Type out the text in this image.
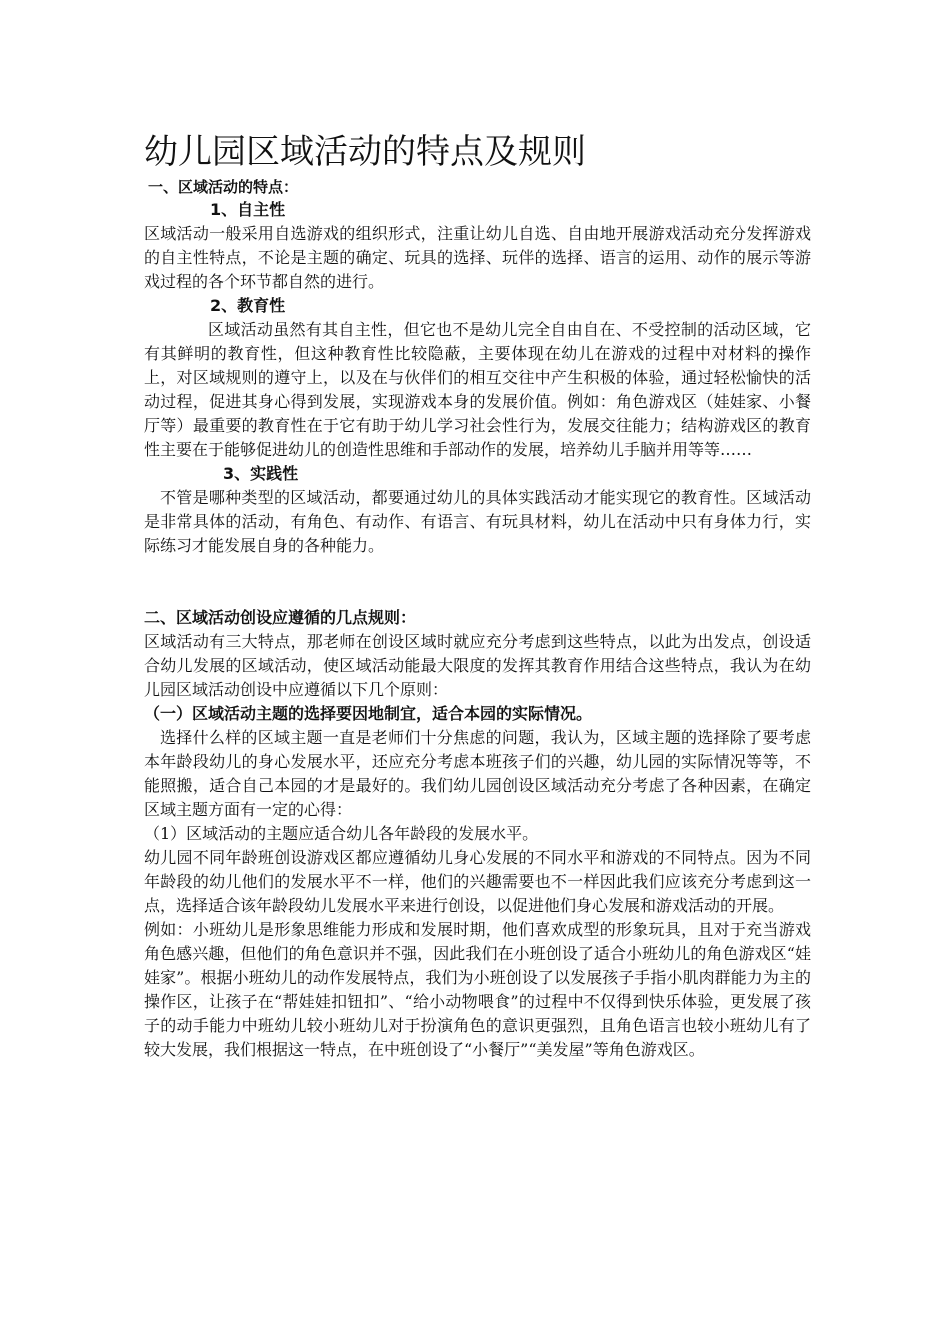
幼儿园区域活动的特点及规则

一、区域活动的特点：

1、自主性

区域活动一般采用自选游戏的组织形式，注重让幼儿自选、自由地开展游戏活动充分发挥游戏的自主性特点，不论是主题的确定、玩具的选择、玩伴的选择、语言的运用、动作的展示等游戏过程的各个环节都自然的进行。

2、教育性

区域活动虽然有其自主性，但它也不是幼儿完全自由自在、不受控制的活动区域，它有其鲜明的教育性，但这种教育性比较隐蔽，主要体现在幼儿在游戏的过程中对材料的操作上，对区域规则的遵守上，以及在与伙伴们的相互交往中产生积极的体验，通过轻松愉快的活动过程，促进其身心得到发展，实现游戏本身的发展价值。例如：角色游戏区（娃娃家、小餐厅等）最重要的教育性在于它有助于幼儿学习社会性行为，发展交往能力；结构游戏区的教育性主要在于能够促进幼儿的创造性思维和手部动作的发展，培养幼儿手脑并用等等……

3、实践性

不管是哪种类型的区域活动，都要通过幼儿的具体实践活动才能实现它的教育性。区域活动是非常具体的活动，有角色、有动作、有语言、有玩具材料，幼儿在活动中只有身体力行，实际练习才能发展自身的各种能力。

二、区域活动创设应遵循的几点规则：

区域活动有三大特点，那老师在创设区域时就应充分考虑到这些特点，以此为出发点，创设适合幼儿发展的区域活动，使区域活动能最大限度的发挥其教育作用结合这些特点，我认为在幼儿园区域活动创设中应遵循以下几个原则：

（一）区域活动主题的选择要因地制宜，适合本园的实际情况。

选择什么样的区域主题一直是老师们十分焦虑的问题，我认为，区域主题的选择除了要考虑本年龄段幼儿的身心发展水平，还应充分考虑本班孩子们的兴趣，幼儿园的实际情况等等，不能照搬，适合自己本园的才是最好的。我们幼儿园创设区域活动充分考虑了各种因素，在确定区域主题方面有一定的心得：

（1）区域活动的主题应适合幼儿各年龄段的发展水平。

幼儿园不同年龄班创设游戏区都应遵循幼儿身心发展的不同水平和游戏的不同特点。因为不同年龄段的幼儿他们的发展水平不一样，他们的兴趣需要也不一样因此我们应该充分考虑到这一点，选择适合该年龄段幼儿发展水平来进行创设，以促进他们身心发展和游戏活动的开展。

例如：小班幼儿是形象思维能力形成和发展时期，他们喜欢成型的形象玩具，且对于充当游戏角色感兴趣，但他们的角色意识并不强，因此我们在小班创设了适合小班幼儿的角色游戏区“娃娃家”。根据小班幼儿的动作发展特点，我们为小班创设了以发展孩子手指小肌肉群能力为主的操作区，让孩子在“帮娃娃扣钮扣”、“给小动物喂食”的过程中不仅得到快乐体验，更发展了孩子的动手能力中班幼儿较小班幼儿对于扮演角色的意识更强烈，且角色语言也较小班幼儿有了较大发展，我们根据这一特点，在中班创设了“小餐厅”“美发屋”等角色游戏区。
